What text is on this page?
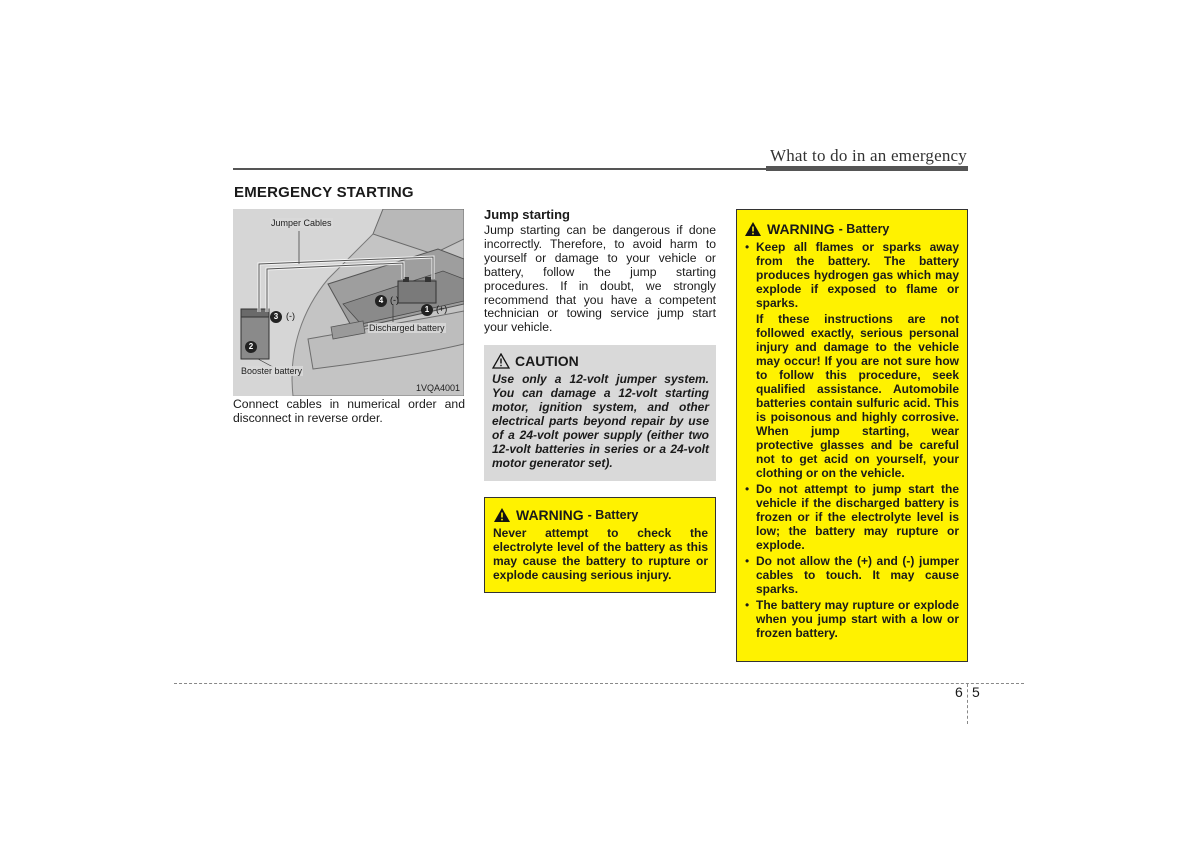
What to do in an emergency
EMERGENCY STARTING
Jumper Cables
Discharged battery
Booster battery
1VQA4001
1 (+)
2
3 (-)
4 (-)
Connect cables in numerical order and disconnect in reverse order.
Jump starting
Jump starting can be dangerous if done incorrectly. Therefore, to avoid harm to yourself or damage to your vehicle or battery, follow the jump starting procedures. If in doubt, we strongly recommend that you have a competent technician or towing service jump start your vehicle.
CAUTION
Use only a 12-volt jumper system. You can damage a 12-volt starting motor, ignition system, and other electrical parts beyond repair by use of a 24-volt power supply (either two 12-volt batteries in series or a 24-volt motor generator set).
WARNING - Battery
Never attempt to check the electrolyte level of the battery as this may cause the battery to rupture or explode causing serious injury.
WARNING - Battery
• Keep all flames or sparks away from the battery. The battery produces hydrogen gas which may explode if exposed to flame or sparks.

If these instructions are not followed exactly, serious personal injury and damage to the vehicle may occur! If you are not sure how to follow this procedure, seek qualified assistance. Automobile batteries contain sulfuric acid. This is poisonous and highly corrosive. When jump starting, wear protective glasses and be careful not to get acid on yourself, your clothing or on the vehicle.

• Do not attempt to jump start the vehicle if the discharged battery is frozen or if the electrolyte level is low; the battery may rupture or explode.
• Do not allow the (+) and (-) jumper cables to touch. It may cause sparks.
• The battery may rupture or explode when you jump start with a low or frozen battery.
6 5
